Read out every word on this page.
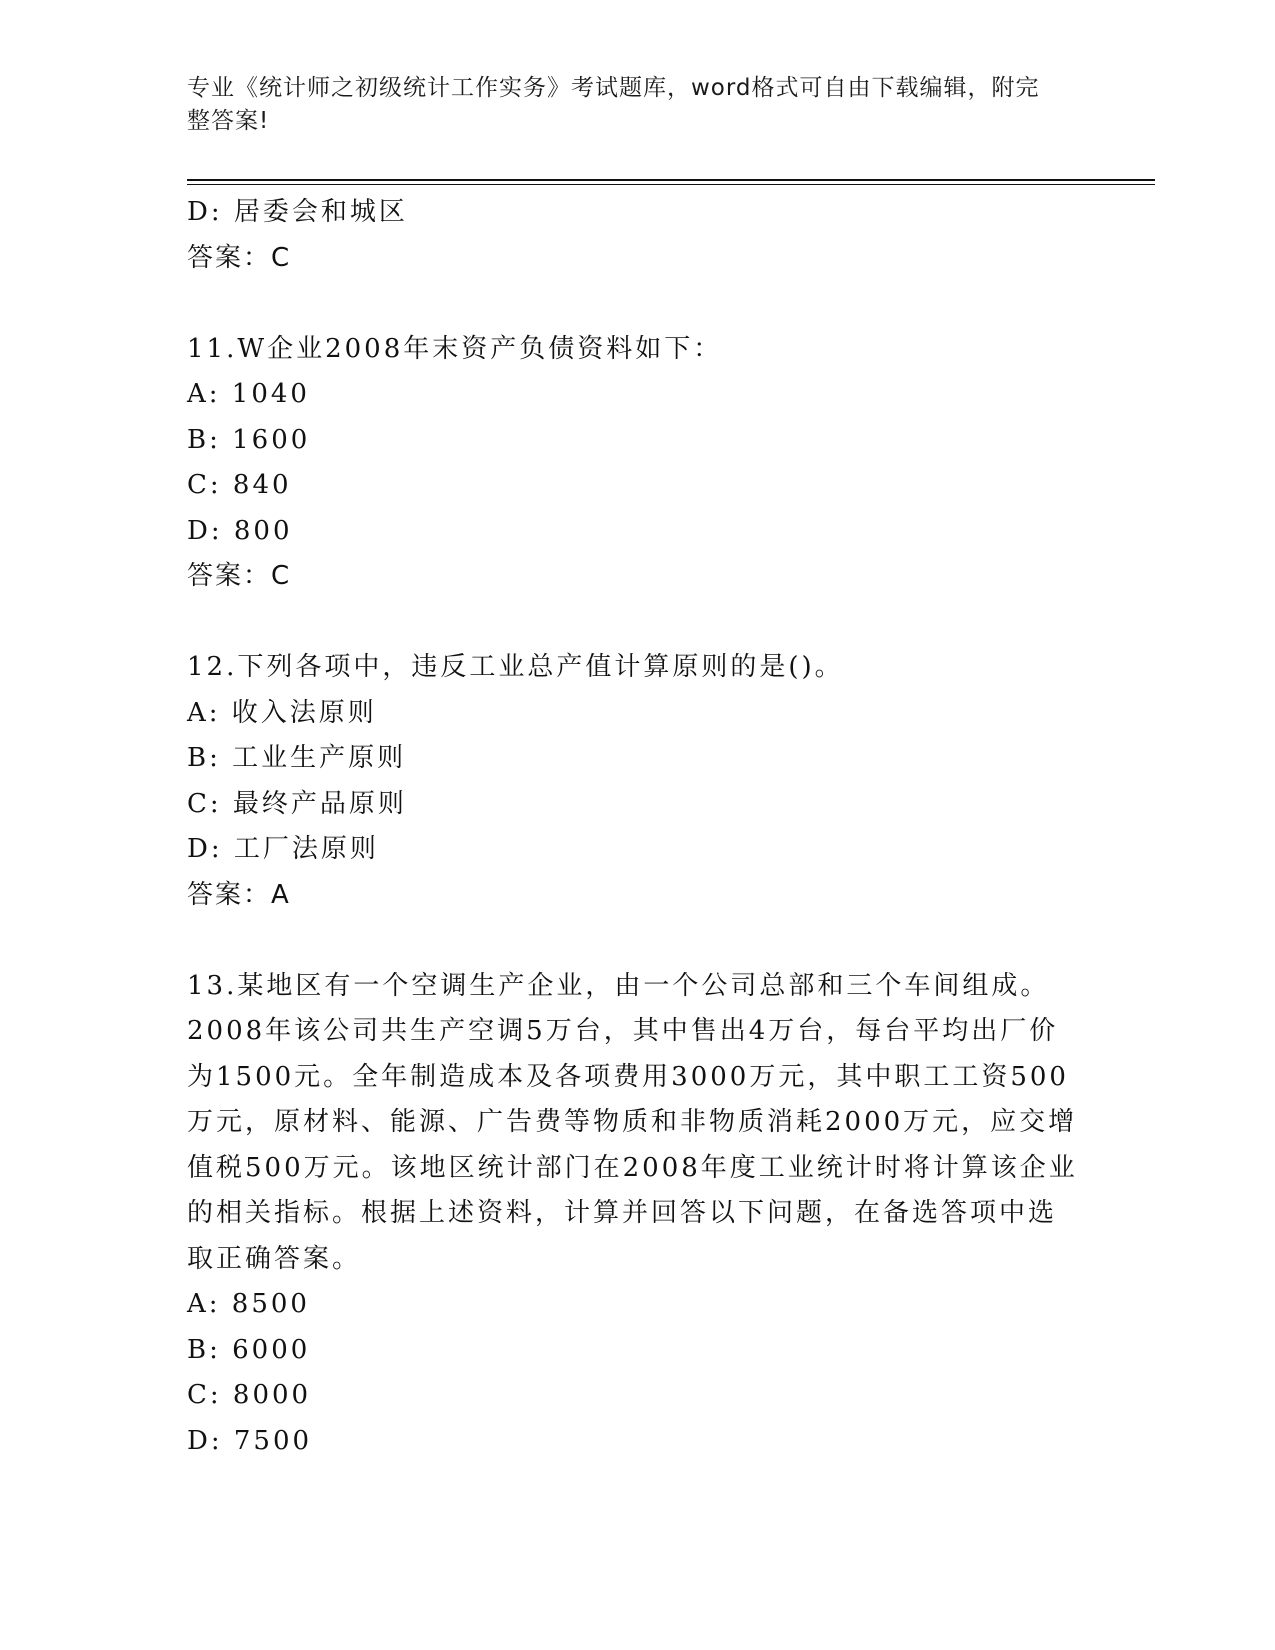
专业《统计师之初级统计工作实务》考试题库，word格式可自由下载编辑，附完
整答案!
D: 居委会和城区
答案：C
11.W企业2008年末资产负债资料如下：
A: 1040
B: 1600
C: 840
D: 800
答案：C
12.下列各项中，违反工业总产值计算原则的是()。
A: 收入法原则
B: 工业生产原则
C: 最终产品原则
D: 工厂法原则
答案：A
13.某地区有一个空调生产企业，由一个公司总部和三个车间组成。
2008年该公司共生产空调5万台，其中售出4万台，每台平均出厂价
为1500元。全年制造成本及各项费用3000万元，其中职工工资500
万元，原材料、能源、广告费等物质和非物质消耗2000万元，应交增
值税500万元。该地区统计部门在2008年度工业统计时将计算该企业
的相关指标。根据上述资料，计算并回答以下问题，在备选答项中选
取正确答案。
A: 8500
B: 6000
C: 8000
D: 7500
